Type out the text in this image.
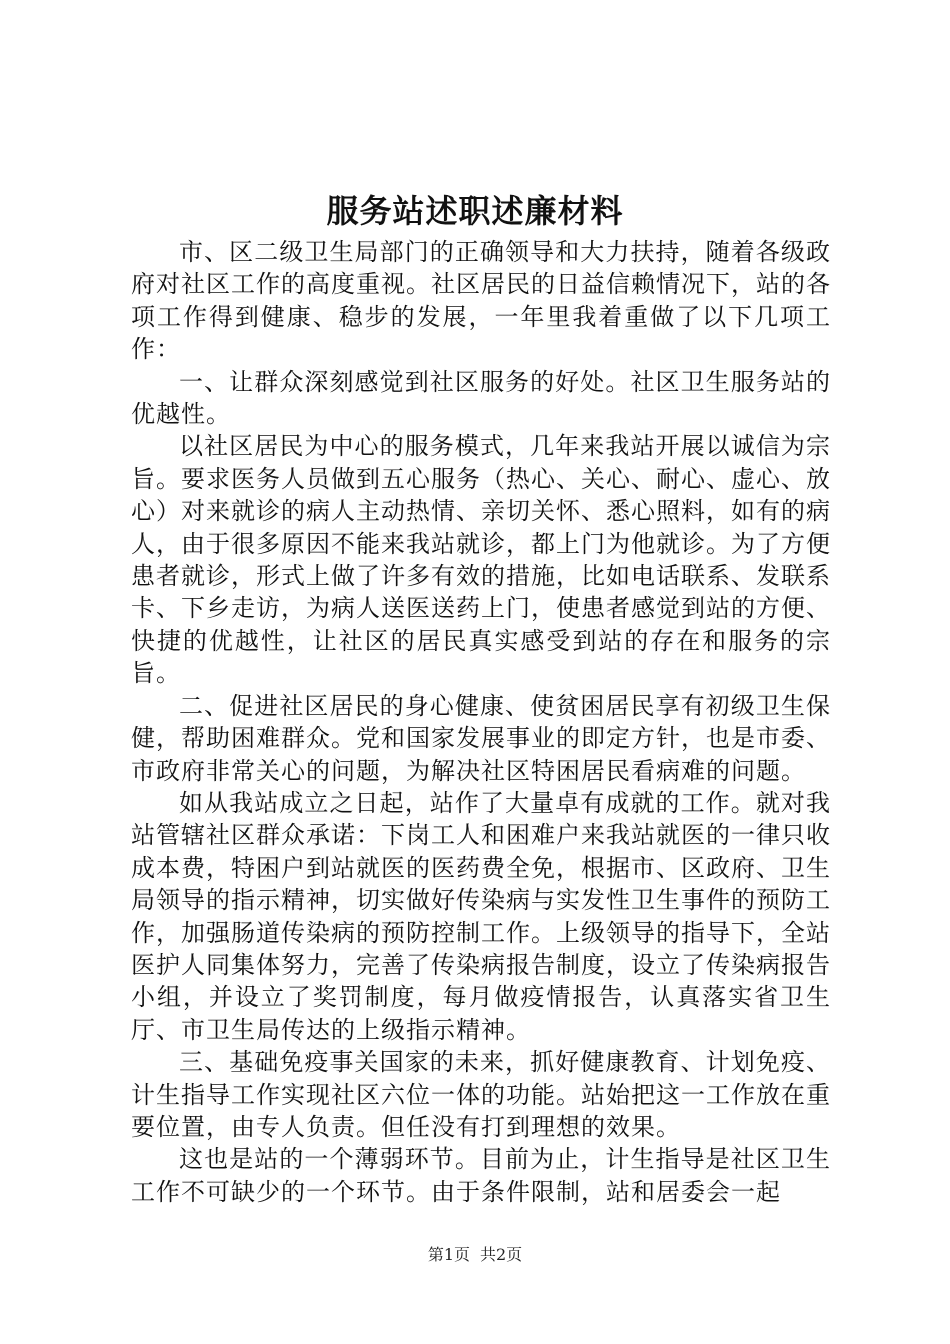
服务站述职述廉材料

市、区二级卫生局部门的正确领导和大力扶持，随着各级政府对社区工作的高度重视。社区居民的日益信赖情况下，站的各项工作得到健康、稳步的发展，一年里我着重做了以下几项工作：

一、让群众深刻感觉到社区服务的好处。社区卫生服务站的优越性。

以社区居民为中心的服务模式，几年来我站开展以诚信为宗旨。要求医务人员做到五心服务（热心、关心、耐心、虚心、放心）对来就诊的病人主动热情、亲切关怀、悉心照料，如有的病人，由于很多原因不能来我站就诊，都上门为他就诊。为了方便患者就诊，形式上做了许多有效的措施，比如电话联系、发联系卡、下乡走访，为病人送医送药上门，使患者感觉到站的方便、快捷的优越性，让社区的居民真实感受到站的存在和服务的宗旨。

二、促进社区居民的身心健康、使贫困居民享有初级卫生保健，帮助困难群众。党和国家发展事业的即定方针，也是市委、市政府非常关心的问题，为解决社区特困居民看病难的问题。

如从我站成立之日起，站作了大量卓有成就的工作。就对我站管辖社区群众承诺：下岗工人和困难户来我站就医的一律只收成本费，特困户到站就医的医药费全免，根据市、区政府、卫生局领导的指示精神，切实做好传染病与实发性卫生事件的预防工作，加强肠道传染病的预防控制工作。上级领导的指导下，全站医护人同集体努力，完善了传染病报告制度，设立了传染病报告小组，并设立了奖罚制度，每月做疫情报告，认真落实省卫生厅、市卫生局传达的上级指示精神。

三、基础免疫事关国家的未来，抓好健康教育、计划免疫、计生指导工作实现社区六位一体的功能。站始把这一工作放在重要位置，由专人负责。但任没有打到理想的效果。

这也是站的一个薄弱环节。目前为止，计生指导是社区卫生工作不可缺少的一个环节。由于条件限制，站和居委会一起

第1页 共2页
